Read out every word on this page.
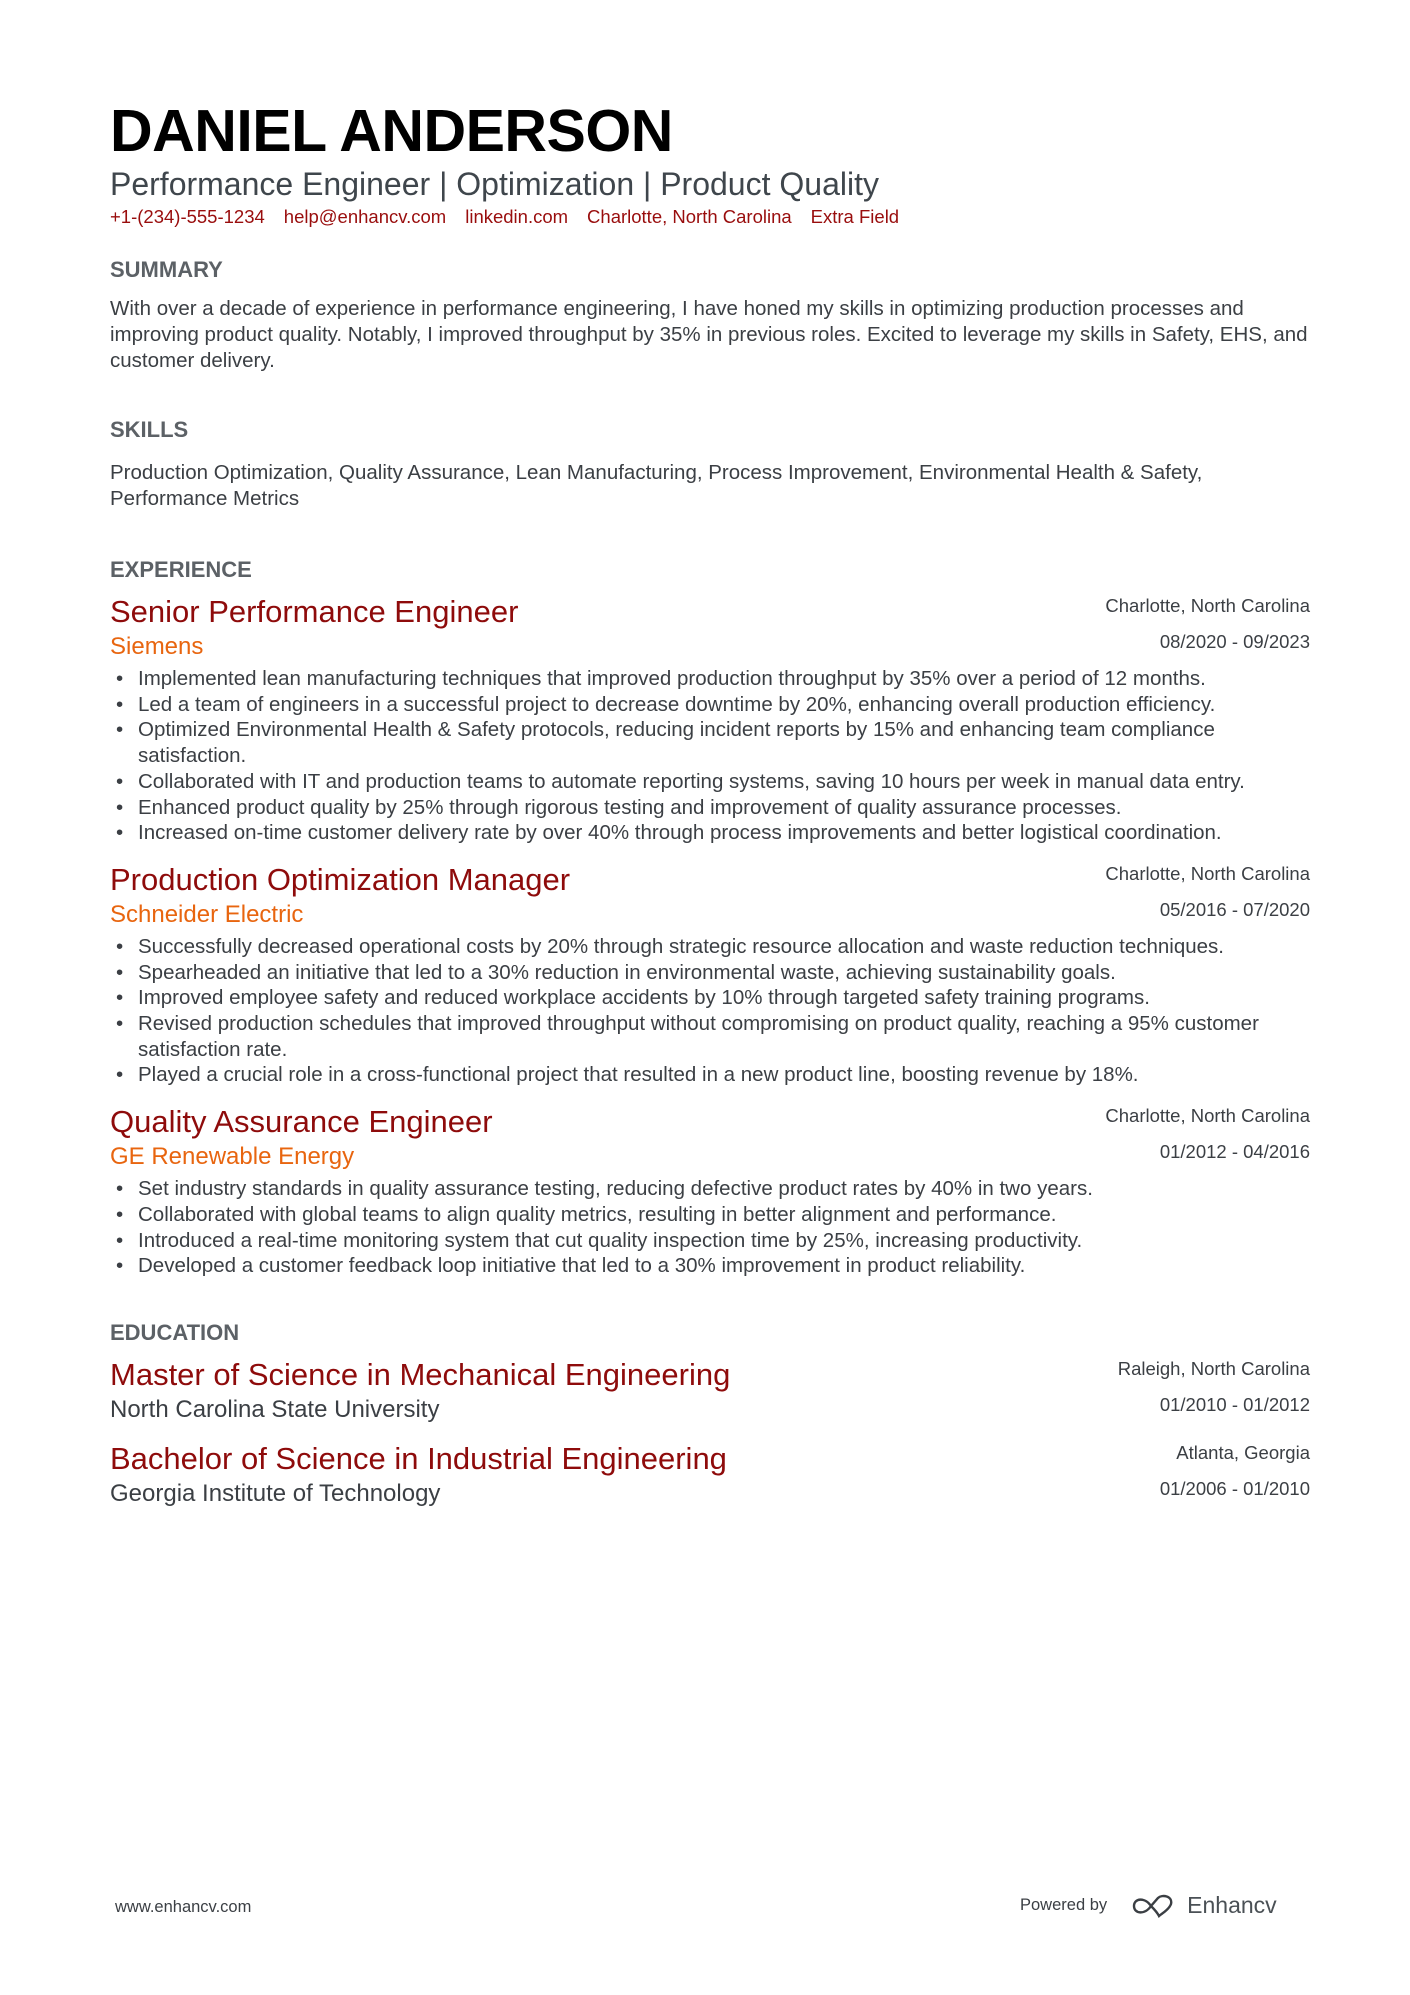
DANIEL ANDERSON
Performance Engineer | Optimization | Product Quality
+1-(234)-555-1234 help@enhancv.com linkedin.com Charlotte, North Carolina Extra Field
SUMMARY
With over a decade of experience in performance engineering, I have honed my skills in optimizing production processes and improving product quality. Notably, I improved throughput by 35% in previous roles. Excited to leverage my skills in Safety, EHS, and customer delivery.
SKILLS
Production Optimization, Quality Assurance, Lean Manufacturing, Process Improvement, Environmental Health & Safety, Performance Metrics
EXPERIENCE
Senior Performance Engineer
Siemens
Charlotte, North Carolina
08/2020 - 09/2023
• Implemented lean manufacturing techniques that improved production throughput by 35% over a period of 12 months.
• Led a team of engineers in a successful project to decrease downtime by 20%, enhancing overall production efficiency.
• Optimized Environmental Health & Safety protocols, reducing incident reports by 15% and enhancing team compliance satisfaction.
• Collaborated with IT and production teams to automate reporting systems, saving 10 hours per week in manual data entry.
• Enhanced product quality by 25% through rigorous testing and improvement of quality assurance processes.
• Increased on-time customer delivery rate by over 40% through process improvements and better logistical coordination.
Production Optimization Manager
Schneider Electric
Charlotte, North Carolina
05/2016 - 07/2020
• Successfully decreased operational costs by 20% through strategic resource allocation and waste reduction techniques.
• Spearheaded an initiative that led to a 30% reduction in environmental waste, achieving sustainability goals.
• Improved employee safety and reduced workplace accidents by 10% through targeted safety training programs.
• Revised production schedules that improved throughput without compromising on product quality, reaching a 95% customer satisfaction rate.
• Played a crucial role in a cross-functional project that resulted in a new product line, boosting revenue by 18%.
Quality Assurance Engineer
GE Renewable Energy
Charlotte, North Carolina
01/2012 - 04/2016
• Set industry standards in quality assurance testing, reducing defective product rates by 40% in two years.
• Collaborated with global teams to align quality metrics, resulting in better alignment and performance.
• Introduced a real-time monitoring system that cut quality inspection time by 25%, increasing productivity.
• Developed a customer feedback loop initiative that led to a 30% improvement in product reliability.
EDUCATION
Master of Science in Mechanical Engineering
North Carolina State University
Raleigh, North Carolina
01/2010 - 01/2012
Bachelor of Science in Industrial Engineering
Georgia Institute of Technology
Atlanta, Georgia
01/2006 - 01/2010
www.enhancv.com	Powered by	Enhancv
